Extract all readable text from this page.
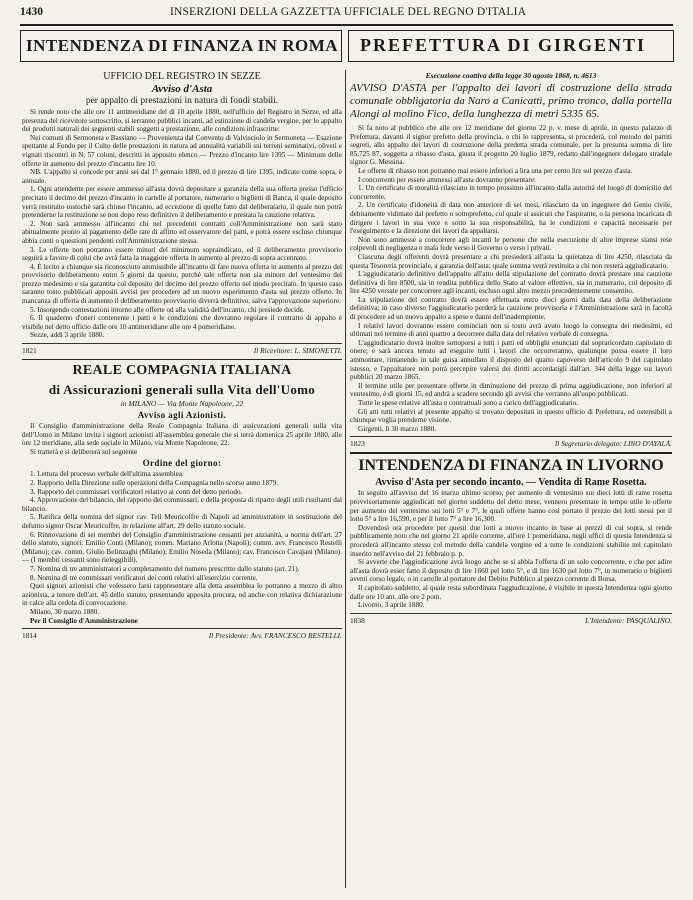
1430	INSERZIONI DELLA GAZZETTA UFFICIALE DEL REGNO D'ITALIA
INTENDENZA DI FINANZA IN ROMA PREFETTURA DI GIRGENTI
UFFICIO DEL REGISTRO IN SEZZE
Avviso d'Asta
per appalto di prestazioni in natura di fondi stabili.

Si rende noto che alle ore 11 antimeridiane del dì 18 aprile 1880, nell'ufficio del Registro in Sezze, ed alla presenza del ricevitore sottoscritto, si terranno pubblici incanti, ad estinzione di candela vergine, per lo appalto dei prodotti naturali dei seguenti stabili soggetti a prestazione, alle condizioni infrascritte:

Nei comuni di Sermoneta e Bassiano — Provenienza dal Convento di Valvisciolo in Sermoneta — Esazione spettante al Fondo per il Culto delle prestazioni in natura ad annualità variabili sui terreni seminativi, oliveti e vignati riscontri in N. 57 coloni, descritti in apposito elenco — Prezzo d'incanto lire 1395 — Minimum delle offerte in aumento del prezzo d'incanto lire 10.

NB. L'appalto si concede per anni sei dal 1° gennaio 1880, ed il prezzo di lire 1395, indicato come sopra, è annuale.

1. Ogni attendente per essere ammesso all'asta dovrà depositare a garanzia della sua offerta presso l'ufficio precitato il decimo del prezzo d'incanto in cartelle al portatore, numerario o biglietti di Banca, il quale deposito verrà restituito tostochè sarà chiuso l'incanto, ad eccezione di quello fatto dal deliberatario, il quale non potrà pretenderne la restituzione se non dopo reso definitivo il deliberamento e prestata la cauzione relativa.

2. Non sarà ammesso all'incanto chi nel precedenti contratti coll'Amministrazione non sarà stato abitualmente pronto al pagamento delle rate di affitto ed osservatore dei patti, e potrà essere escluso chiunque abbia conti o questioni pendenti coll'Amministrazione stessa.

3. Le offerte non potranno essere minori del minimum sopraindicato, ed il deliberamento provvisorio seguirà a favore di colui che avrà fatta la maggiore offerta in aumento al prezzo di sopra accennato.

4. È lecito a chiunque sia riconosciuto ammissibile all'incanto di fare nuova offerta in aumento al prezzo del provvisorio deliberamento entro 5 giorni da questo, purchè tale offerta non sia minore del ventesimo del prezzo medesimo e sia garantita col deposito del decimo del prezzo offerto nel modo precitato. In questo caso saranno tosto pubblicati appositi avvisi per procedere ad un nuovo esperimento d'asta sul prezzo offerto. In mancanza di offerta di aumento il deliberamento provvisorio diverrà definitivo, salva l'approvazione superiore.

5. Insorgendo contestazioni intorno alle offerte od alla validità dell'incanto, chi presiede decide.

6. Il quaderno d'oneri contenente i patti e le condizioni che dovranno regolare il contratto di appalto è visibile nel detto ufficio dalle ore 10 antimeridiane alle ore 4 pomeridiane.

Sezze, addì 3 aprile 1880.

1821	Il Ricevitore: L. SIMONETTI.
REALE COMPAGNIA ITALIANA
di Assicurazioni generali sulla Vita dell'Uomo
in MILANO — Via Monte Napoleone, 22
Avviso agli Azionisti.

Il Consiglio d'amministrazione della Reale Compagnia Italiana di assicurazioni generali sulla vita dell'Uomo in Milano invita i signori azionisti all'assemblea generale che si terrà domenica 25 aprile 1880, alle ore 12 meridiane, alla sede sociale in Milano, via Monte Napoleone, 22.

Si tratterà e si delibererà sul seguente

Ordine del giorno:

1. Lettura del processo verbale dell'ultima assemblea.

2. Rapporto della Direzione sulle operazioni della Compagnia nello scorso anno 1879.

3. Rapporto dei commissari verificatori relativo ai conti del detto periodo.

4. Approvazione del bilancio, del rapporto dei commissari, e della proposta di riparto degli utili risultanti dal bilancio.

5. Ratifica della nomina del signor cav. Tell Meuricoffre di Napoli ad amministratore in sostituzione del defunto signor Oscar Meuricoffre, in relazione all'art. 29 dello statuto sociale.

6. Rinnovazione di sei membri del Consiglio d'amministrazione cessanti per anzianità, a norma dell'art. 27 dello statuto, signori: Emilio Conti (Milano); comm. Mariano Arlotta (Napoli); comm. avv. Francesco Restelli (Milano); cav. comm. Giulio Belinzaghi (Milano); Emilio Noseda (Milano); cav. Francesco Cavajani (Milano). — (I membri cessanti sono rieleggibili).

7. Nomina di tre amministratori a completamento del numero prescritto dallo statuto (art. 21).

8. Nomina di tre commissari verificatori dei conti relativi all'esercizio corrente.

Quei signori azionisti che volessero farsi rappresentare alla detta assemblea lo potranno a mezzo di altro azionista, a tenore dell'art. 45 dello statuto, presentando apposita procura, od anche con relativa dichiarazione in calce alla cedola di convocazione.

Milano, 30 marzo 1880.

Per il Consiglio d'Amministrazione

1814	Il Presidente: Avv. FRANCESCO RESTELLI.
Esecuzione coattiva della legge 30 agosto 1868, n. 4613
AVVISO D'ASTA per l'appalto dei lavori di costruzione della strada comunale obbligatoria da Naro a Canicattì, primo tronco, dalla portella Alongi al molino Fico, della lunghezza di metri 5335 65.

Si fa noto al pubblico che alle ore 12 meridiane del giorno 22 p. v. mese di aprile, in questo palazzo di Prefettura, davanti il signor prefetto della provincia, o chi lo rappresenta, si procederà, col metodo dei partiti segreti, allo appalto dei lavori di costruzione della predetta strada comunale, per la presunta somma di lire 85,725 87, soggetta a ribasso d'asta, giusta il progetto 20 luglio 1879, redatto dall'ingegnere delegato stradale signor G. Messina.

Le offerte di ribasso non potranno mai essere inferiori a lira una per cento lire sul prezzo d'asta.

I concorrenti per essere ammessi all'asta dovranno presentare:

1. Un certificato di moralità rilasciato in tempo prossimo all'incanto dalla autorità del luogo di domicilio del concorrente.

2. Un certificato d'idoneità di data non anteriore di sei mesi, rilasciato da un ingegnere del Genio civile, debitamente vidimato dal prefetto o sottoprefetto, col quale si assicuri che l'aspirante, o la persona incaricata di dirigere i lavori in sua vece e sotto la sua responsabilità, ha le condizioni e capacità necessarie per l'eseguimento e la direzione dei lavori da appaltarsi.

Non sono ammesse a concorrere agli incanti le persone che nella esecuzione di altre imprese siansi rese colpevoli di negligenza o mala fede verso il Governo o verso i privati.

Ciascuna degli offerenti dovrà presentare a chi presiederà all'asta la quietanza di lire 4250, rilasciata da questa Tesoreria provinciale, a garanzia dell'asta: quale somma verrà restituita a chi non resterà aggiudicatario.

L'aggiudicatario definitivo dell'appalto all'atto della stipulazione del contratto dovrà prestare una cauzione definitiva di lire 8500, sia in rendita pubblica dello Stato al valore effettivo, sia in numerario, col deposito di lire 4250 versate per concorrere agli incanti, escluso ogni altro mezzo precedentemente consentito.

La stipulazione del contratto dovrà essere effettuata entro dieci giorni dalla data della deliberazione definitiva; in caso diverso l'aggiudicatario perderà la cauzione provvisoria e l'Amministrazione sarà in facoltà di procedere ad un nuovo appalto a spese e danni dell'inadempiente.

I relativi lavori dovranno essere cominciati non si tosto avrà avuto luogo la consegna dei medesimi, ed ultimati nel termine di anni quattro a decorrere dalla data del relativo verbale di consegna.

L'aggiudicatario dovrà inoltre sottoporsi a tutti i patti ed obblighi enunciati dal sopraricordato capitolato di onere; e sarà ancora tenuto ad eseguire tutti i lavori che occorreranno, qualunque possa essere il loro ammontare, rimanendo in tale guisa annullato il disposto del quarto capoverso dell'articolo 9 del capitolato istesso, e l'appaltatore non potrà percepire valersi dei diritti accordatigli dall'art. 344 della legge sui lavori pubblici 20 marzo 1865.

Il termine utile per presentare offerte in diminuzione del prezzo di prima aggiudicazione, non inferiori al ventesimo, è di giorni 15, ed andrà a scadere secondo gli avvisi che verranno all'uopo pubblicati.

Tutte le spese relative all'asta e contrattuali sono a carico dell'aggiudicatario.

Gli atti tutti relativi al presente appalto si trovano depositati in questo ufficio di Prefettura, ed ostensibili a chiunque voglia prenderne visione.

Girgenti, lì 30 marzo 1880.

1823	Il Segretario delegato: LINO D'AYALA.
INTENDENZA DI FINANZA IN LIVORNO
Avviso d'Asta per secondo incanto. — Vendita di Rame Rosetta.

In seguito all'avviso del 16 marzo ultimo scorso, per aumento di ventesimo sui dieci lotti di rame rosetta provvisoriamente aggiudicati nel giorno suddetto del detto mese, vennero presentate in tempo utile le offerte per aumento del ventesimo sui lotti 5° e 7°, le quali offerte hanno così portato il prezzo dei lotti stessi per il lotto 5° a lire 16,590, e per il lotto 7° a lire 16,300.

Dovendosi ora procedere per questi due lotti a nuovo incanto in base ai prezzi di cui sopra, si rende pubblicamente noto che nel giorno 21 aprile corrente, all'ore 1 pomeridiana, negli uffici di questa Intendenza si procederà all'incanto stesso col metodo della candela vergine ed a tutte le condizioni stabilite nel capitolato inserito nell'avviso del 21 febbraio p. p.

Si avverte che l'aggiudicazione avrà luogo anche se si abbia l'offerta di un solo concorrente, e che per adire all'asta dovrà esser fatto il deposito di lire 1660 pel lotto 5°, e di lire 1630 pel lotto 7°, in numerario o biglietti aventi corso legale, o in cartelle al portatore del Debito Pubblico al prezzo corrente di Borsa.

Il capitolato suddetto, al quale resta subordinata l'aggiudicazione, è visibile in questa Intendenza ogni giorno dalle ore 10 ant. alle ore 2 pom.

Livorno, 3 aprile 1880.

1838	L'Intendente: PASQUALINO.
